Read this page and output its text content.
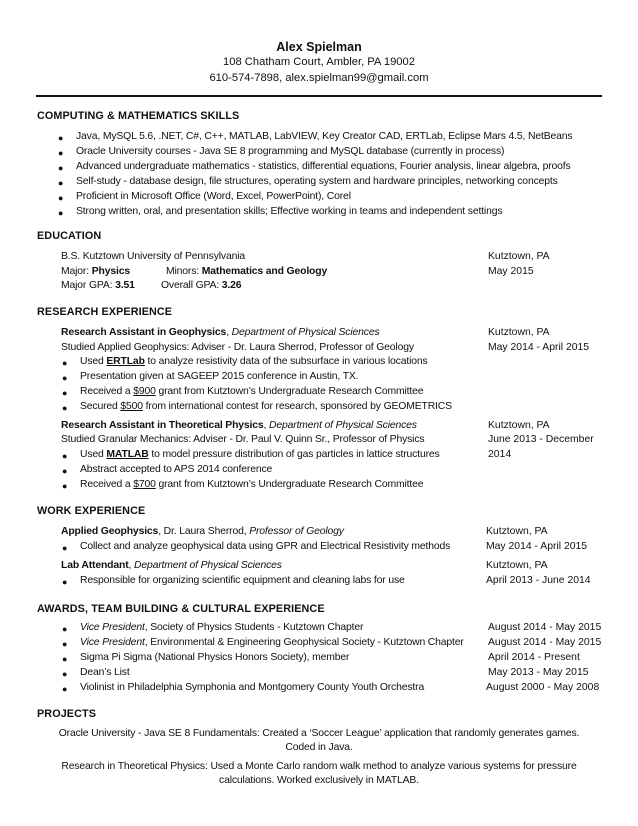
Alex Spielman
108 Chatham Court, Ambler, PA 19002
610-574-7898, alex.spielman99@gmail.com
COMPUTING & MATHEMATICS SKILLS
● Java, MySQL 5.6, .NET, C#, C++, MATLAB, LabVIEW, Key Creator CAD, ERTLab, Eclipse Mars 4.5, NetBeans
● Oracle University courses - Java SE 8 programming and MySQL database (currently in process)
● Advanced undergraduate mathematics - statistics, differential equations, Fourier analysis, linear algebra, proofs
● Self-study - database design, file structures, operating system and hardware principles, networking concepts
● Proficient in Microsoft Office (Word, Excel, PowerPoint), Corel
● Strong written, oral, and presentation skills; Effective working in teams and independent settings
EDUCATION
B.S. Kutztown University of Pennsylvania	Kutztown, PA
Major: Physics	Minors: Mathematics and Geology	May 2015
Major GPA: 3.51	Overall GPA: 3.26
RESEARCH EXPERIENCE
Research Assistant in Geophysics, Department of Physical Sciences	Kutztown, PA
Studied Applied Geophysics: Adviser - Dr. Laura Sherrod, Professor of Geology	May 2014 - April 2015
● Used ERTLab to analyze resistivity data of the subsurface in various locations
● Presentation given at SAGEEP 2015 conference in Austin, TX.
● Received a $900 grant from Kutztown’s Undergraduate Research Committee
● Secured $500 from international contest for research, sponsored by GEOMETRICS
Research Assistant in Theoretical Physics, Department of Physical Sciences	Kutztown, PA
Studied Granular Mechanics: Adviser - Dr. Paul V. Quinn Sr., Professor of Physics	June 2013 - December
2014
● Used MATLAB to model pressure distribution of gas particles in lattice structures
● Abstract accepted to APS 2014 conference
● Received a $700 grant from Kutztown’s Undergraduate Research Committee
WORK EXPERIENCE
Applied Geophysics, Dr. Laura Sherrod, Professor of Geology	Kutztown, PA
● Collect and analyze geophysical data using GPR and Electrical Resistivity methods	May 2014 - April 2015
Lab Attendant, Department of Physical Sciences	Kutztown, PA
● Responsible for organizing scientific equipment and cleaning labs for use	April 2013 - June 2014
AWARDS, TEAM BUILDING & CULTURAL EXPERIENCE
● Vice President, Society of Physics Students - Kutztown Chapter	August 2014 - May 2015
● Vice President, Environmental & Engineering Geophysical Society - Kutztown Chapter August 2014 - May 2015
● Sigma Pi Sigma (National Physics Honors Society), member	April 2014 - Present
● Dean’s List	May 2013 - May 2015
● Violinist in Philadelphia Symphonia and Montgomery County Youth Orchestra	August 2000 - May 2008
PROJECTS
Oracle University - Java SE 8 Fundamentals: Created a ‘Soccer League’ application that randomly generates games.
Coded in Java.
Research in Theoretical Physics: Used a Monte Carlo random walk method to analyze various systems for pressure
calculations. Worked exclusively in MATLAB.
